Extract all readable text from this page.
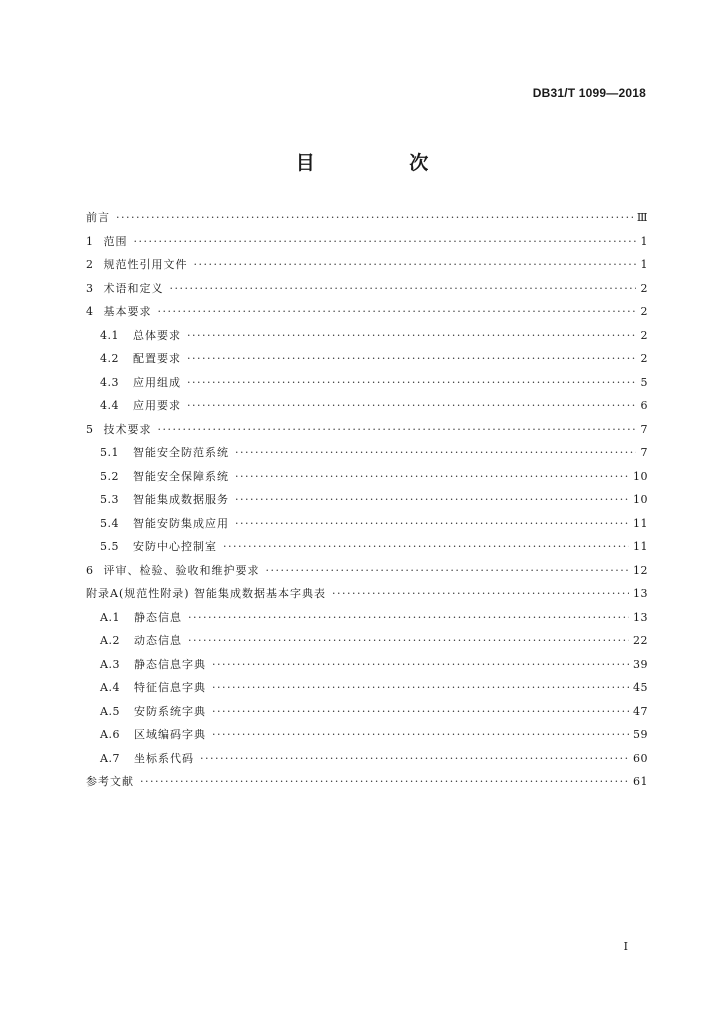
DB31/T 1099—2018
目 次
前言 ·····	Ⅲ
1 范围 ·····	1
2 规范性引用文件 ·····	1
3 术语和定义 ·····	2
4 基本要求 ·····	2
4.1 总体要求 ·····	2
4.2 配置要求 ·····	2
4.3 应用组成 ·····	5
4.4 应用要求 ·····	6
5 技术要求 ·····	7
5.1 智能安全防范系统 ·····	7
5.2 智能安全保障系统 ·····	10
5.3 智能集成数据服务 ·····	10
5.4 智能安防集成应用 ·····	11
5.5 安防中心控制室 ·····	11
6 评审、检验、验收和维护要求 ·····	12
附录A(规范性附录) 智能集成数据基本字典表 ·····	13
A.1 静态信息 ·····	13
A.2 动态信息 ·····	22
A.3 静态信息字典 ·····	39
A.4 特征信息字典 ·····	45
A.5 安防系统字典 ·····	47
A.6 区域编码字典 ·····	59
A.7 坐标系代码 ·····	60
参考文献 ·····	61
I
